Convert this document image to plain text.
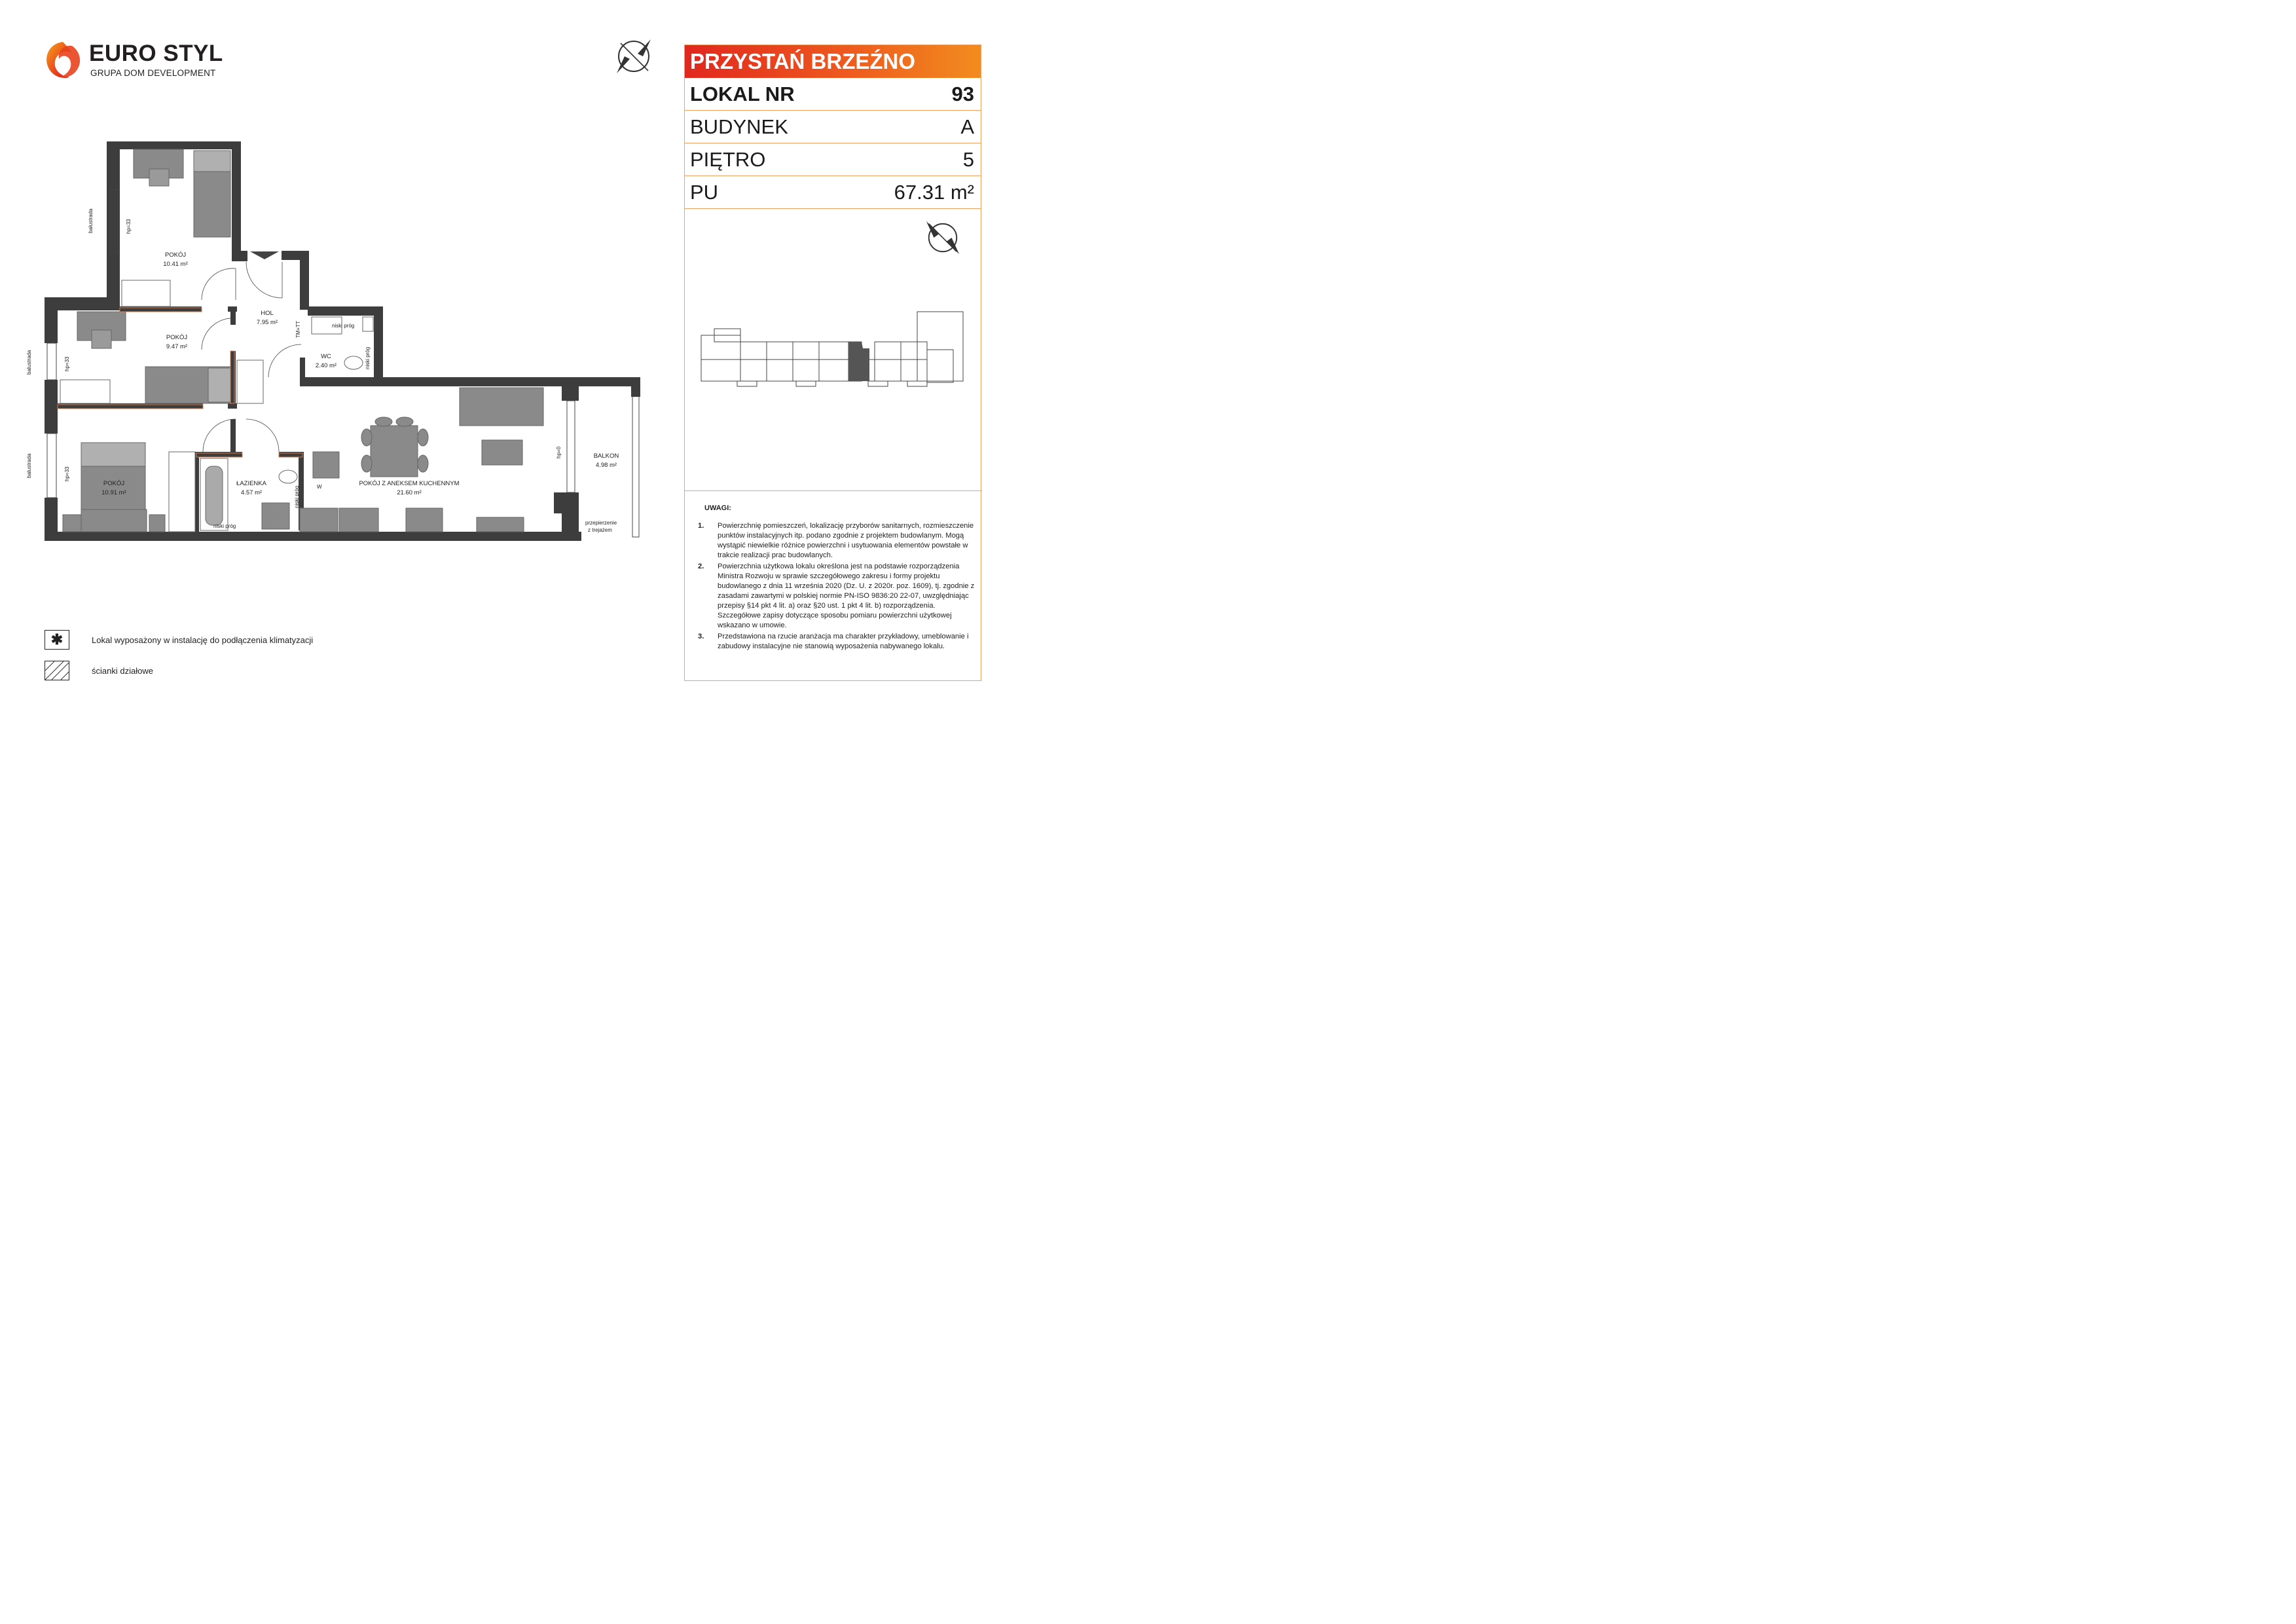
EURO STYL
GRUPA DOM DEVELOPMENT
POKÓJ
10.41 m²
HOL
7.95 m²
POKÓJ
9.47 m²
WC
2.40 m²
POKÓJ
10.91 m²
ŁAZIENKA
4.57 m²
POKÓJ Z ANEKSEM KUCHENNYM
21.60 m²
BALKON
4.98 m²
balustrada
balustrada
balustrada
hp=33
hp=33
hp=33
hp=0
TM+TT	niski próg
niski próg
niski próg
niski próg
przepierzenie
z trejażem
W
PRZYSTAŃ BRZEŹNO
LOKAL NR	93
BUDYNEK	A
PIĘTRO	5
PU	67.31 m²
UWAGI:
1.	Powierzchnię pomieszczeń, lokalizację przyborów sanitarnych, rozmieszczenie punktów instalacyjnych itp. podano zgodnie z projektem budowlanym. Mogą wystąpić niewielkie różnice powierzchni i usytuowania elementów powstałe w trakcie realizacji prac budowlanych.
2.	Powierzchnia użytkowa lokalu określona jest na podstawie rozporządzenia Ministra Rozwoju w sprawie szczegółowego zakresu i formy projektu budowlanego z dnia 11 września 2020 (Dz. U. z 2020r. poz. 1609), tj. zgodnie z zasadami zawartymi w polskiej normie PN-ISO 9836:20 22-07, uwzględniając przepisy §14 pkt 4 lit. a) oraz §20 ust. 1 pkt 4 lit. b) rozporządzenia. Szczegółowe zapisy dotyczące sposobu pomiaru powierzchni użytkowej wskazano w umowie.
3.	Przedstawiona na rzucie aranżacja ma charakter przykładowy, umeblowanie i zabudowy instalacyjne nie stanowią wyposażenia nabywanego lokalu.
✱	Lokal wyposażony w instalację do podłączenia klimatyzacji
ścianki działowe
